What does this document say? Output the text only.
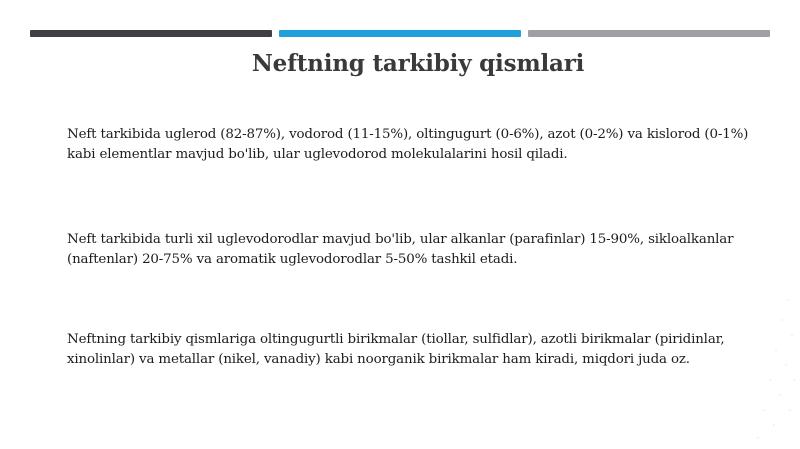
Neftning tarkibiy qismlari
Neft tarkibida uglerod (82-87%), vodorod (11-15%), oltingugurt (0-6%), azot (0-2%) va kislorod (0-1%) kabi elementlar mavjud bo'lib, ular uglevodorod molekulalarini hosil qiladi.
Neft tarkibida turli xil uglevodorodlar mavjud bo'lib, ular alkanlar (parafinlar) 15-90%, sikloalkanlar (naftenlar) 20-75% va aromatik uglevodorodlar 5-50% tashkil etadi.
Neftning tarkibiy qismlariga oltingugurtli birikmalar (tiollar, sulfidlar), azotli birikmalar (piridinlar, xinolinlar) va metallar (nikel, vanadiy) kabi noorganik birikmalar ham kiradi, miqdori juda oz.
